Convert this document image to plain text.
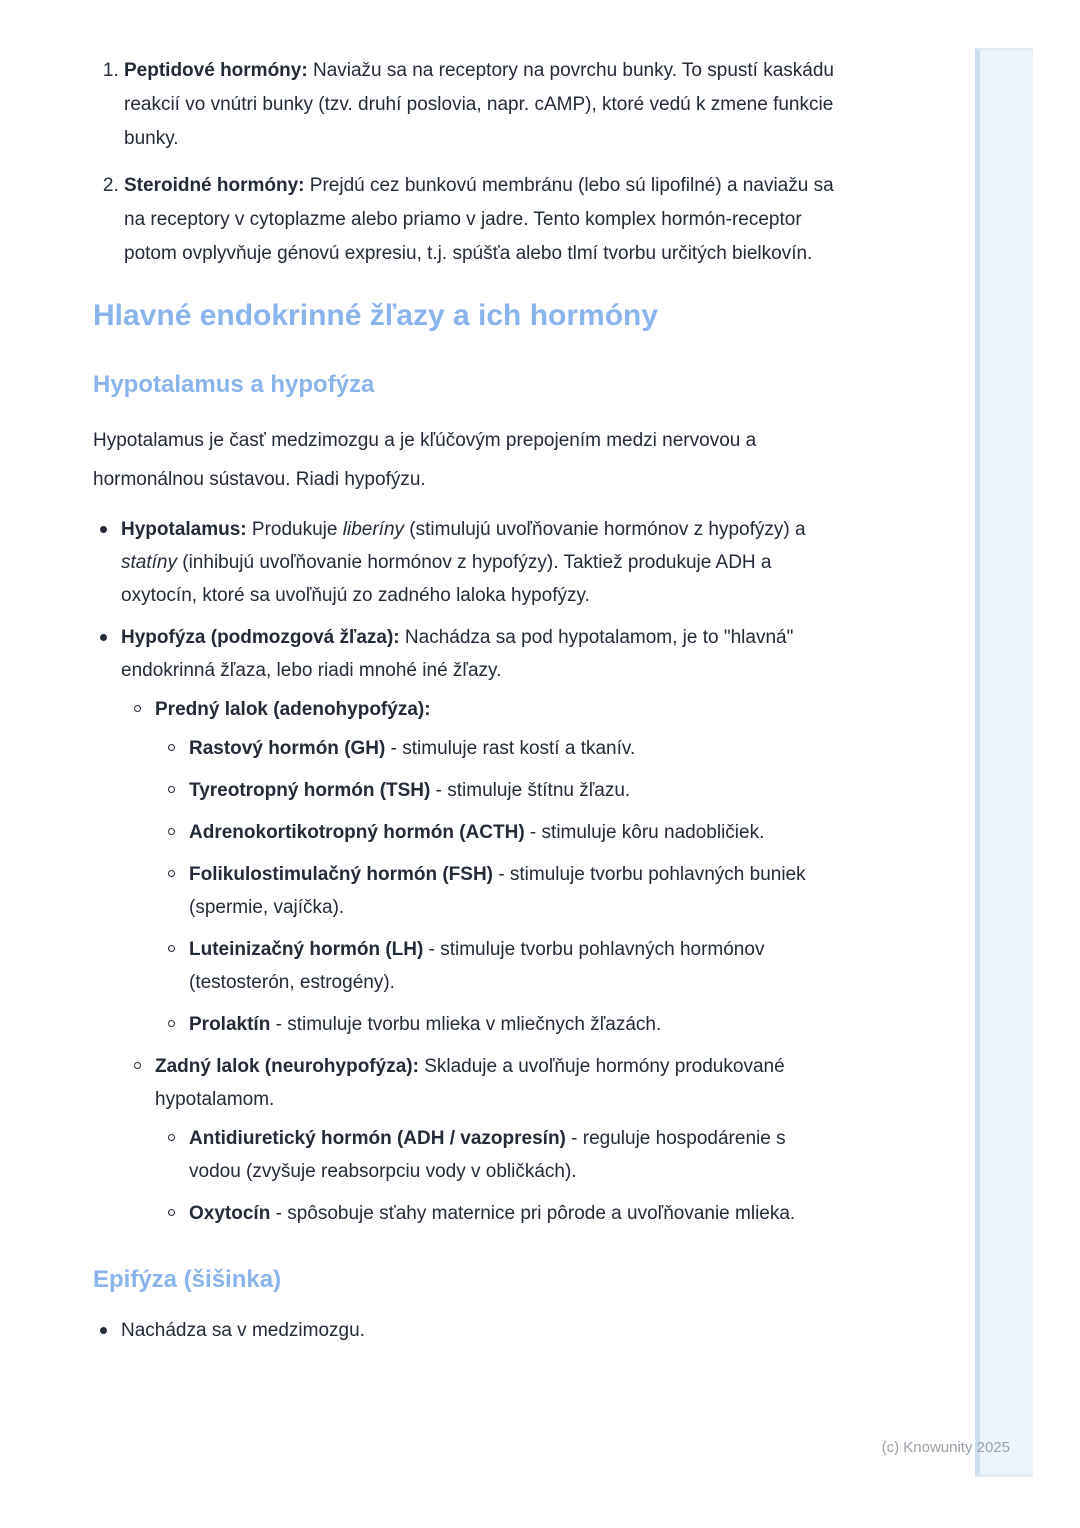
1. Peptidové hormóny: Naviažu sa na receptory na povrchu bunky. To spustí kaskádu reakcií vo vnútri bunky (tzv. druhí poslovia, napr. cAMP), ktoré vedú k zmene funkcie bunky.
2. Steroidné hormóny: Prejdú cez bunkovú membránu (lebo sú lipofilné) a naviažu sa na receptory v cytoplazme alebo priamo v jadre. Tento komplex hormón-receptor potom ovplyvňuje génovú expresiu, t.j. spúšťa alebo tlmí tvorbu určitých bielkovín.
Hlavné endokrinné žľazy a ich hormóny
Hypotalamus a hypofýza

Hypotalamus je časť medzimozgu a je kľúčovým prepojením medzi nervovou a hormonálnou sústavou. Riadi hypofýzu.

Hypotalamus: Produkuje liberíny (stimulujú uvoľňovanie hormónov z hypofýzy) a statíny (inhibujú uvoľňovanie hormónov z hypofýzy). Taktiež produkuje ADH a oxytocín, ktoré sa uvoľňujú zo zadného laloka hypofýzy.
Hypofýza (podmozgová žľaza): Nachádza sa pod hypotalamom, je to "hlavná" endokrinná žľaza, lebo riadi mnohé iné žľazy.
Predný lalok (adenohypofýza):
Rastový hormón (GH) - stimuluje rast kostí a tkanív.
Tyreotropný hormón (TSH) - stimuluje štítnu žľazu.
Adrenokortikotropný hormón (ACTH) - stimuluje kôru nadobličiek.
Folikulostimulačný hormón (FSH) - stimuluje tvorbu pohlavných buniek (spermie, vajíčka).
Luteinizačný hormón (LH) - stimuluje tvorbu pohlavných hormónov (testosterón, estrogény).
Prolaktín - stimuluje tvorbu mlieka v mliečnych žľazách.
Zadný lalok (neurohypofýza): Skladuje a uvoľňuje hormóny produkované hypotalamom.
Antidiuretický hormón (ADH / vazopresín) - reguluje hospodárenie s vodou (zvyšuje reabsorpciu vody v obličkách).
Oxytocín - spôsobuje sťahy maternice pri pôrode a uvoľňovanie mlieka.
Epifýza (šišinka)
Nachádza sa v medzimozgu.
(c) Knowunity 2025
